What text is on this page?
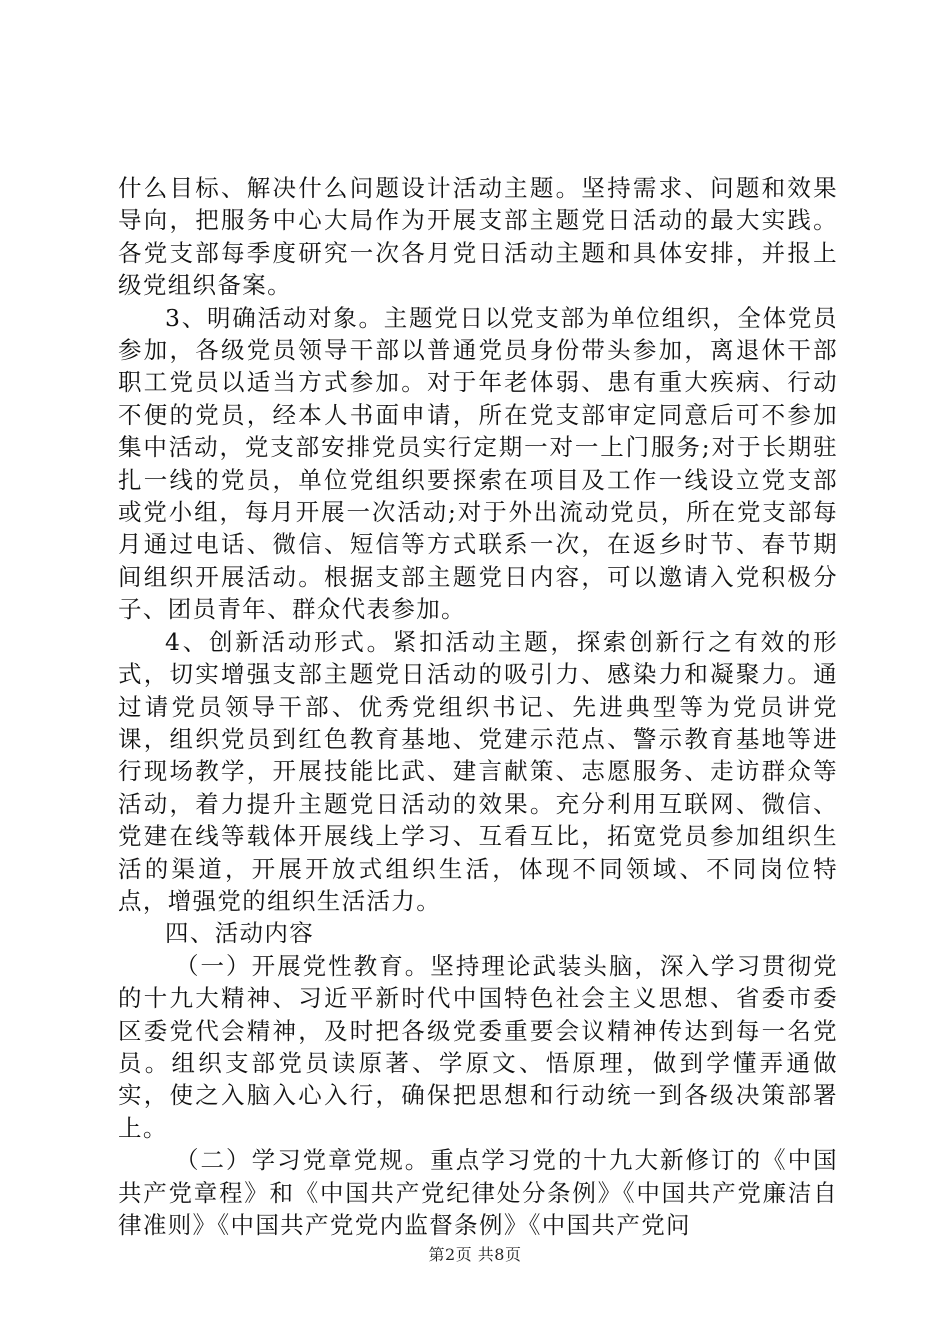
什么目标、解决什么问题设计活动主题。坚持需求、问题和效果导向，把服务中心大局作为开展支部主题党日活动的最大实践。各党支部每季度研究一次各月党日活动主题和具体安排，并报上级党组织备案。

3、明确活动对象。主题党日以党支部为单位组织，全体党员参加，各级党员领导干部以普通党员身份带头参加，离退休干部职工党员以适当方式参加。对于年老体弱、患有重大疾病、行动不便的党员，经本人书面申请，所在党支部审定同意后可不参加集中活动，党支部安排党员实行定期一对一上门服务;对于长期驻扎一线的党员，单位党组织要探索在项目及工作一线设立党支部或党小组，每月开展一次活动;对于外出流动党员，所在党支部每月通过电话、微信、短信等方式联系一次，在返乡时节、春节期间组织开展活动。根据支部主题党日内容，可以邀请入党积极分子、团员青年、群众代表参加。

4、创新活动形式。紧扣活动主题，探索创新行之有效的形式，切实增强支部主题党日活动的吸引力、感染力和凝聚力。通过请党员领导干部、优秀党组织书记、先进典型等为党员讲党课，组织党员到红色教育基地、党建示范点、警示教育基地等进行现场教学，开展技能比武、建言献策、志愿服务、走访群众等活动，着力提升主题党日活动的效果。充分利用互联网、微信、党建在线等载体开展线上学习、互看互比，拓宽党员参加组织生活的渠道，开展开放式组织生活，体现不同领域、不同岗位特点，增强党的组织生活活力。

四、活动内容

（一）开展党性教育。坚持理论武装头脑，深入学习贯彻党的十九大精神、习近平新时代中国特色社会主义思想、省委市委区委党代会精神，及时把各级党委重要会议精神传达到每一名党员。组织支部党员读原著、学原文、悟原理，做到学懂弄通做实，使之入脑入心入行，确保把思想和行动统一到各级决策部署上。

（二）学习党章党规。重点学习党的十九大新修订的《中国共产党章程》和《中国共产党纪律处分条例》《中国共产党廉洁自律准则》《中国共产党党内监督条例》《中国共产党问

第2页 共8页
